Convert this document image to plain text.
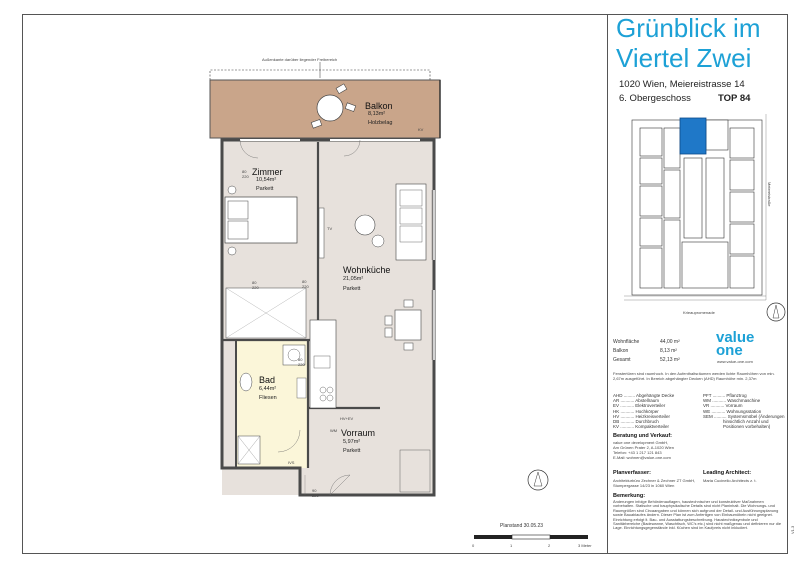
Außenkante darüber liegender Freibereich
Balkon
8,13m²
Holzbelag
KV
Zimmer
10,54m²
Parkett
TV
Wohnküche
21,05m²
Parkett
Bad
6,44m²
Fliesen
HV+EV
WM
IVS
Vorraum
5,97m²
Parkett
80
220
80
220
80
220
80
220
90
220
Planstand 30.05.23
0	1	2	3 Meter
Grünblick im
Viertel Zwei
1020 Wien, Meiereistrasse 14
6. Obergeschoss	TOP 84
Meiereistraße
Krieaupromenade
Wohnfläche	44,00 m²
Balkon	8,13 m²
Gesamt	52,13 m²
value
one
www.value-one.com
Fenstertüren sind raumhoch. In den Aufenthaltsräumen werden lichte Raumhöhen von min. 2,67m ausgeführt. In Bereich abgehängter Decken (AHD) Raumhöhe min. 2,37m
AHD ......... Abgehängte Decke
AR ........... Abstellraum
EV ........... Elektroverteiler
HK ........... Hochkörper
HV ........... Heizkreisverteiler
DB ........... Durchbruch
KV ........... Kompaktverteiler
PFT .......... Pflanztrog
WM ........... Waschmaschine
VR ........... Vorraum
WE ........... Wohnungsstation
SEM .......... Systemsmöbel (Änderungen
hinsichtlich Anzahl und
Positionen vorbehalten)
Beratung und Verkauf:
value one development GmbH,
Am Grünen Prater 2, A-1020 Wien
Telefon: +43 1 217 121 843
E-Mail: wohnen@value-one.com
Planverfasser:
Architekturbüro Zechner & Zechner ZT GmbH,
Stumpergasse 14/23 in 1060 Wien
Leading Architect:
Maria Cucinello Architects z. t.
Bemerkung:
Änderungen infolge Behördenauflagen, haustechnischer und konstruktiver Maßnahmen vorbehalten. Statische und bauphysikalische Details sind nicht Planinhalt. Die Wohnungs- und Raumgrößen sind Circaangaben und können sich aufgrund der Detail- und Ausführungsplanung sowie Bauablaufes ändern. Dieser Plan ist zum Anfertigen von Einbaumöbeln nicht geeignet. Einrichtung erfolgt lt. Bau- und Ausstattungsbeschreibung. Haustechniksymbole und Sanitärbereiche (Badewanne, Waschtisch, WC's etc.) sind nicht maßgenau und definieren nur die Lage. Einrichtungsgegenstände inkl. Küchen sind im Kaufpreis nicht inkludiert.	V1.3
